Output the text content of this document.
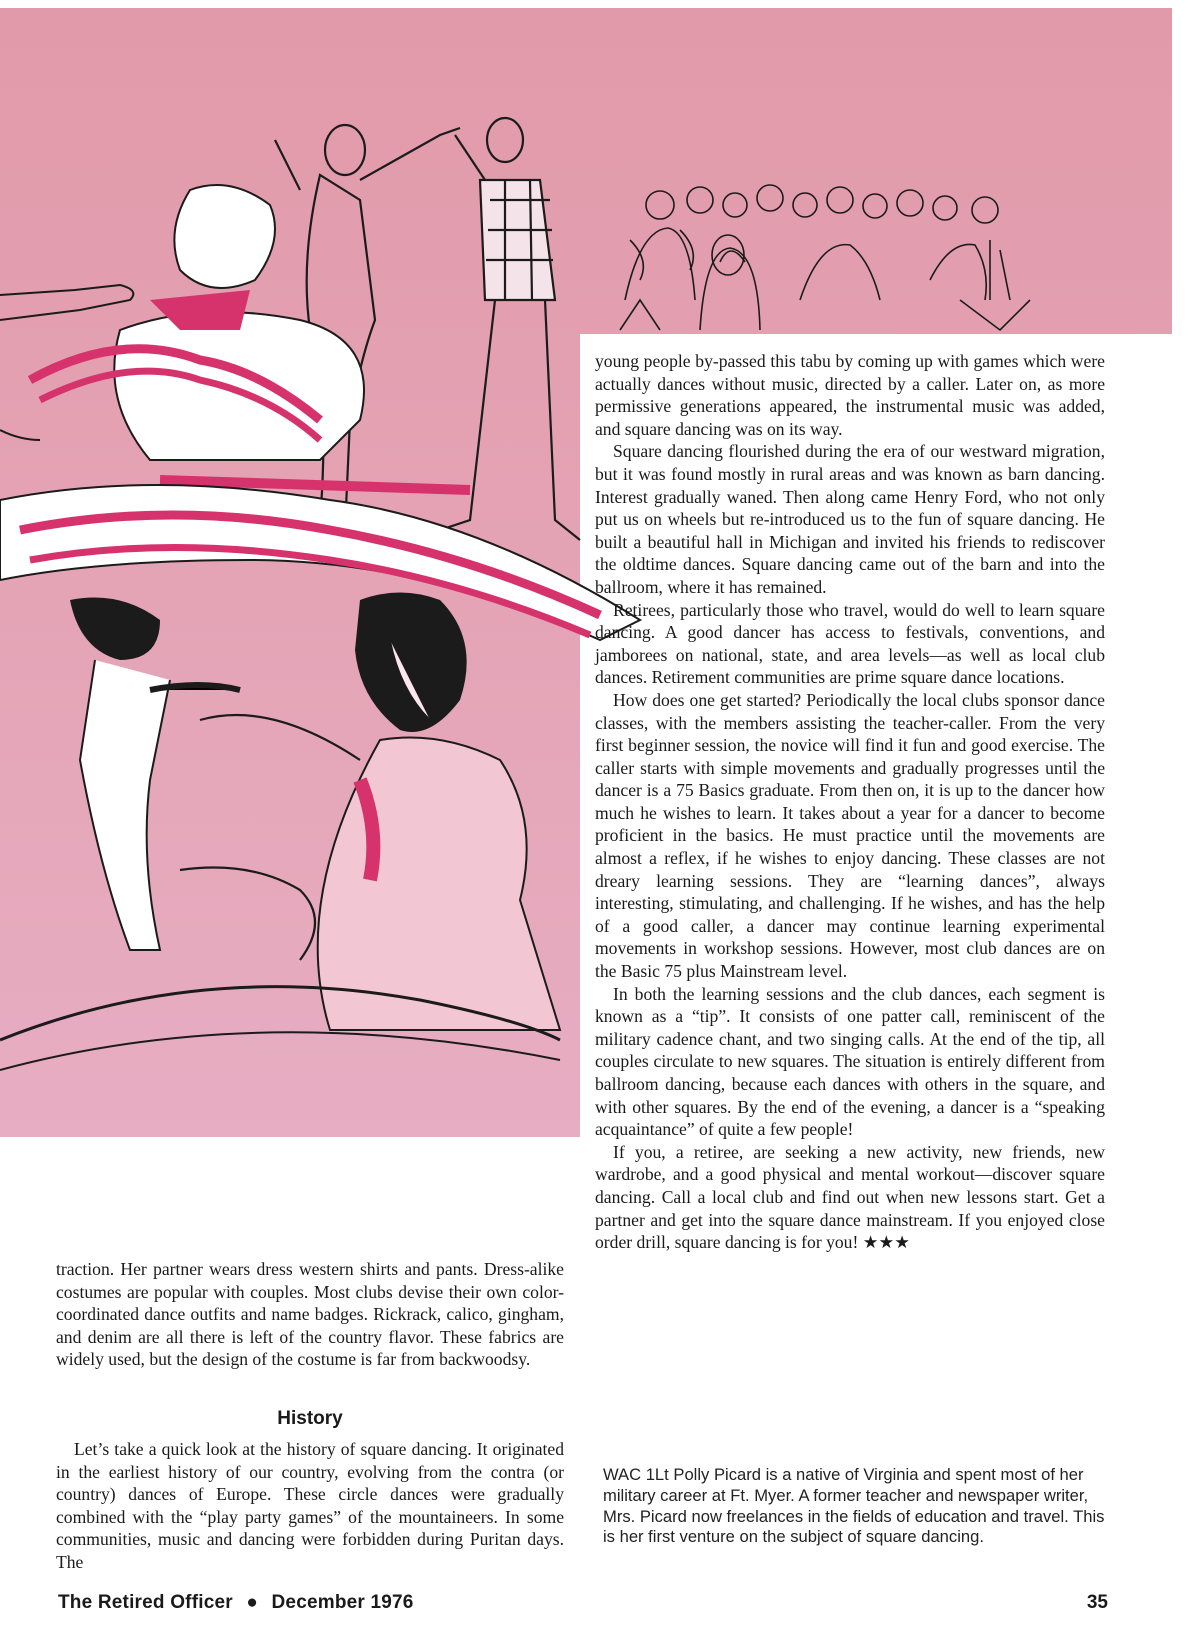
young people by-passed this tabu by coming up with games which were actually dances without music, directed by a caller. Later on, as more permissive generations appeared, the instrumental music was added, and square dancing was on its way.

Square dancing flourished during the era of our westward migration, but it was found mostly in rural areas and was known as barn dancing. Interest gradually waned. Then along came Henry Ford, who not only put us on wheels but re-introduced us to the fun of square dancing. He built a beautiful hall in Michigan and invited his friends to rediscover the oldtime dances. Square dancing came out of the barn and into the ballroom, where it has remained.

Retirees, particularly those who travel, would do well to learn square dancing. A good dancer has access to festivals, conventions, and jamborees on national, state, and area levels—as well as local club dances. Retirement communities are prime square dance locations.

How does one get started? Periodically the local clubs sponsor dance classes, with the members assisting the teacher-caller. From the very first beginner session, the novice will find it fun and good exercise. The caller starts with simple movements and gradually progresses until the dancer is a 75 Basics graduate. From then on, it is up to the dancer how much he wishes to learn. It takes about a year for a dancer to become proficient in the basics. He must practice until the movements are almost a reflex, if he wishes to enjoy dancing. These classes are not dreary learning sessions. They are “learning dances”, always interesting, stimulating, and challenging. If he wishes, and has the help of a good caller, a dancer may continue learning experimental movements in workshop sessions. However, most club dances are on the Basic 75 plus Mainstream level.

In both the learning sessions and the club dances, each segment is known as a “tip”. It consists of one patter call, reminiscent of the military cadence chant, and two singing calls. At the end of the tip, all couples circulate to new squares. The situation is entirely different from ballroom dancing, because each dances with others in the square, and with other squares. By the end of the evening, a dancer is a “speaking acquaintance” of quite a few people!

If you, a retiree, are seeking a new activity, new friends, new wardrobe, and a good physical and mental workout—discover square dancing. Call a local club and find out when new lessons start. Get a partner and get into the square dance mainstream. If you enjoyed close order drill, square dancing is for you! ★★★

traction. Her partner wears dress western shirts and pants. Dress-alike costumes are popular with couples. Most clubs devise their own color-coordinated dance outfits and name badges. Rickrack, calico, gingham, and denim are all there is left of the country flavor. These fabrics are widely used, but the design of the costume is far from backwoodsy.

History

Let’s take a quick look at the history of square dancing. It originated in the earliest history of our country, evolving from the contra (or country) dances of Europe. These circle dances were gradually combined with the “play party games” of the mountaineers. In some communities, music and dancing were forbidden during Puritan days. The

WAC 1Lt Polly Picard is a native of Virginia and spent most of her military career at Ft. Myer. A former teacher and newspaper writer, Mrs. Picard now freelances in the fields of education and travel. This is her first venture on the subject of square dancing.
The Retired Officer ● December 1976	35
